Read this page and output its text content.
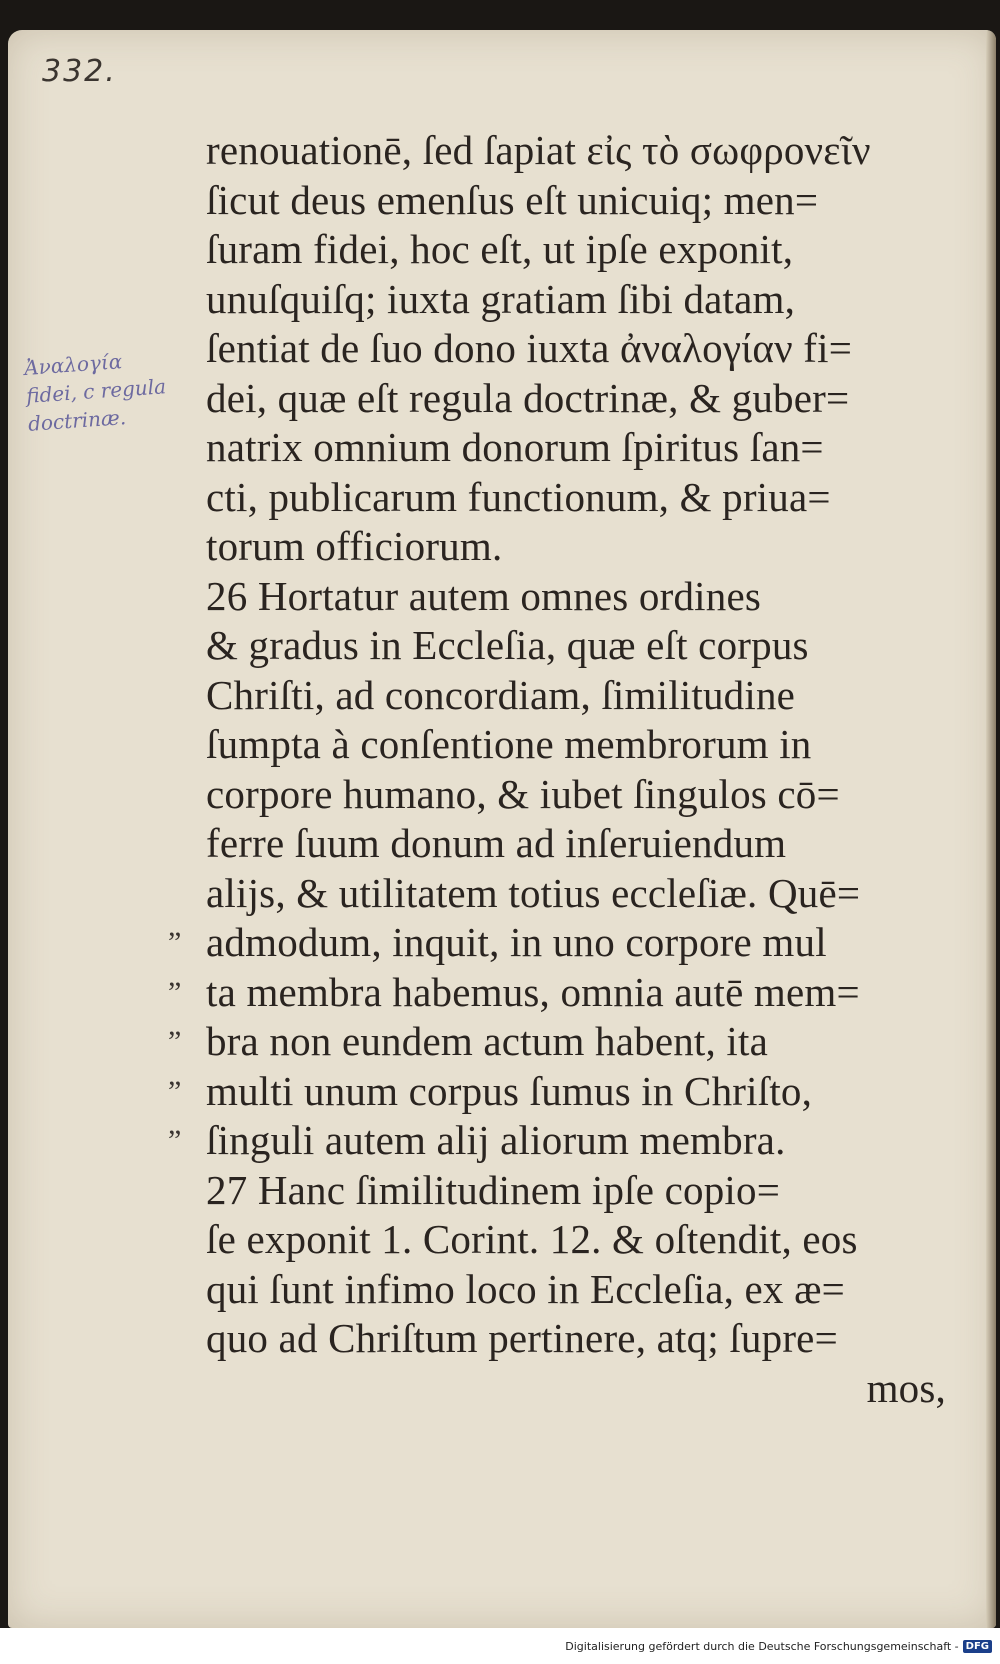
332.
Ἀναλογία
fidei, c regula
doctrinæ.
renouationē, ſed ſapiat εἰς τὸ σωφρονεῖν
ſicut deus emenſus eſt unicuiq; men=
ſuram fidei, hoc eſt, ut ipſe exponit,
unuſquiſq; iuxta gratiam ſibi datam,
ſentiat de ſuo dono iuxta ἀναλογίαν fi=
dei, quæ eſt regula doctrinæ, & guber=
natrix omnium donorum ſpiritus ſan=
cti, publicarum functionum, & priua=
torum officiorum.
26 Hortatur autem omnes ordines
& gradus in Eccleſia, quæ eſt corpus
Chriſti, ad concordiam, ſimilitudine
ſumpta à conſentione membrorum in
corpore humano, & iubet ſingulos cō=
ferre ſuum donum ad inſeruiendum
alijs, & utilitatem totius eccleſiæ. Quē=
” admodum, inquit, in uno corpore mul
” ta membra habemus, omnia autē mem=
” bra non eundem actum habent, ita
” multi unum corpus ſumus in Chriſto,
” ſinguli autem alij aliorum membra.
27 Hanc ſimilitudinem ipſe copio=
ſe exponit 1. Corint. 12. & oſtendit, eos
qui ſunt infimo loco in Eccleſia, ex æ=
quo ad Chriſtum pertinere, atq; ſupre=
mos,
Digitalisierung gefördert durch die Deutsche Forschungsgemeinschaft - DFG
